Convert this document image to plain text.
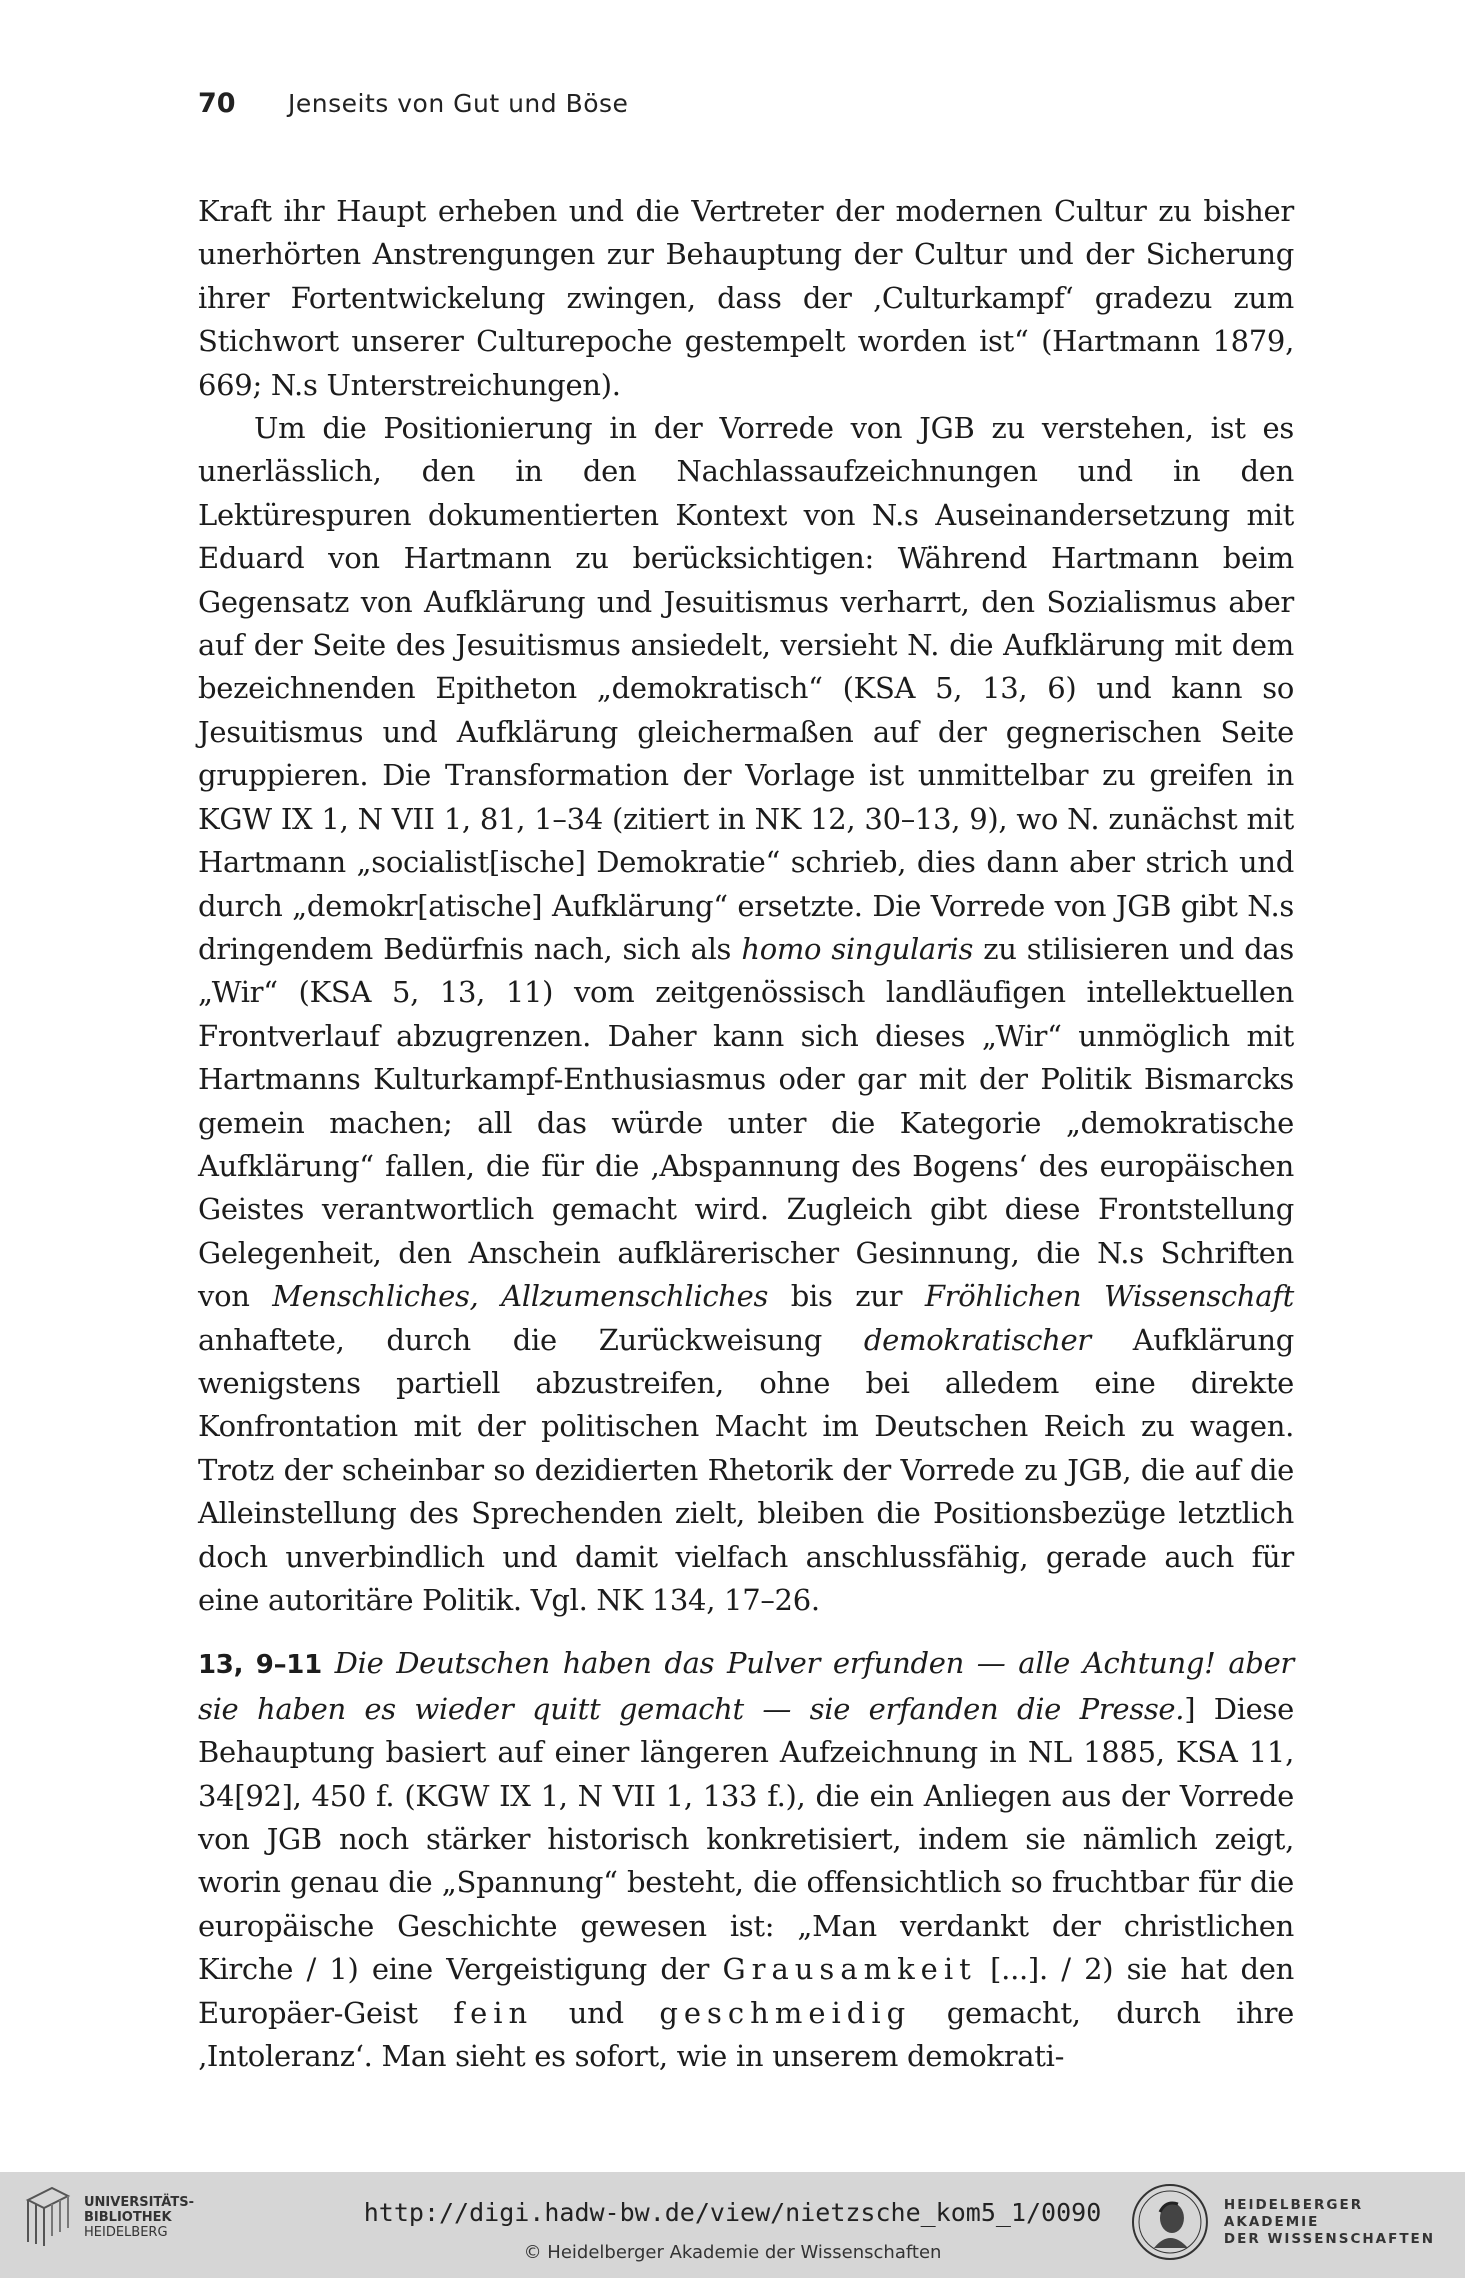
70	Jenseits von Gut und Böse

Kraft ihr Haupt erheben und die Vertreter der modernen Cultur zu bisher unerhörten Anstrengungen zur Behauptung der Cultur und der Sicherung ihrer Fortentwickelung zwingen, dass der ‚Culturkampf‘ gradezu zum Stichwort unserer Culturepoche gestempelt worden ist“ (Hartmann 1879, 669; N.s Unterstreichungen).

Um die Positionierung in der Vorrede von JGB zu verstehen, ist es unerlässlich, den in den Nachlassaufzeichnungen und in den Lektürespuren dokumentierten Kontext von N.s Auseinandersetzung mit Eduard von Hartmann zu berücksichtigen: Während Hartmann beim Gegensatz von Aufklärung und Jesuitismus verharrt, den Sozialismus aber auf der Seite des Jesuitismus ansiedelt, versieht N. die Aufklärung mit dem bezeichnenden Epitheton „demokratisch“ (KSA 5, 13, 6) und kann so Jesuitismus und Aufklärung gleichermaßen auf der gegnerischen Seite gruppieren. Die Transformation der Vorlage ist unmittelbar zu greifen in KGW IX 1, N VII 1, 81, 1–34 (zitiert in NK 12, 30–13, 9), wo N. zunächst mit Hartmann „socialist[ische] Demokratie“ schrieb, dies dann aber strich und durch „demokr[atische] Aufklärung“ ersetzte. Die Vorrede von JGB gibt N.s dringendem Bedürfnis nach, sich als homo singularis zu stilisieren und das „Wir“ (KSA 5, 13, 11) vom zeitgenössisch landläufigen intellektuellen Frontverlauf abzugrenzen. Daher kann sich dieses „Wir“ unmöglich mit Hartmanns Kulturkampf-Enthusiasmus oder gar mit der Politik Bismarcks gemein machen; all das würde unter die Kategorie „demokratische Aufklärung“ fallen, die für die ‚Abspannung des Bogens‘ des europäischen Geistes verantwortlich gemacht wird. Zugleich gibt diese Frontstellung Gelegenheit, den Anschein aufklärerischer Gesinnung, die N.s Schriften von Menschliches, Allzumenschliches bis zur Fröhlichen Wissenschaft anhaftete, durch die Zurückweisung demokratischer Aufklärung wenigstens partiell abzustreifen, ohne bei alledem eine direkte Konfrontation mit der politischen Macht im Deutschen Reich zu wagen. Trotz der scheinbar so dezidierten Rhetorik der Vorrede zu JGB, die auf die Alleinstellung des Sprechenden zielt, bleiben die Positionsbezüge letztlich doch unverbindlich und damit vielfach anschlussfähig, gerade auch für eine autoritäre Politik. Vgl. NK 134, 17–26.

13, 9–11 Die Deutschen haben das Pulver erfunden — alle Achtung! aber sie haben es wieder quitt gemacht — sie erfanden die Presse.] Diese Behauptung basiert auf einer längeren Aufzeichnung in NL 1885, KSA 11, 34[92], 450 f. (KGW IX 1, N VII 1, 133 f.), die ein Anliegen aus der Vorrede von JGB noch stärker historisch konkretisiert, indem sie nämlich zeigt, worin genau die „Spannung“ besteht, die offensichtlich so fruchtbar für die europäische Geschichte gewesen ist: „Man verdankt der christlichen Kirche / 1) eine Vergeistigung der Grausamkeit [...]. / 2) sie hat den Europäer-Geist fein und geschmeidig gemacht, durch ihre ‚Intoleranz‘. Man sieht es sofort, wie in unserem demokrati-

UNIVERSITÄTS-
BIBLIOTHEK
HEIDELBERG
http://digi.hadw-bw.de/view/nietzsche_kom5_1/0090
© Heidelberger Akademie der Wissenschaften
HEIDELBERGER AKADEMIE
DER WISSENSCHAFTEN
